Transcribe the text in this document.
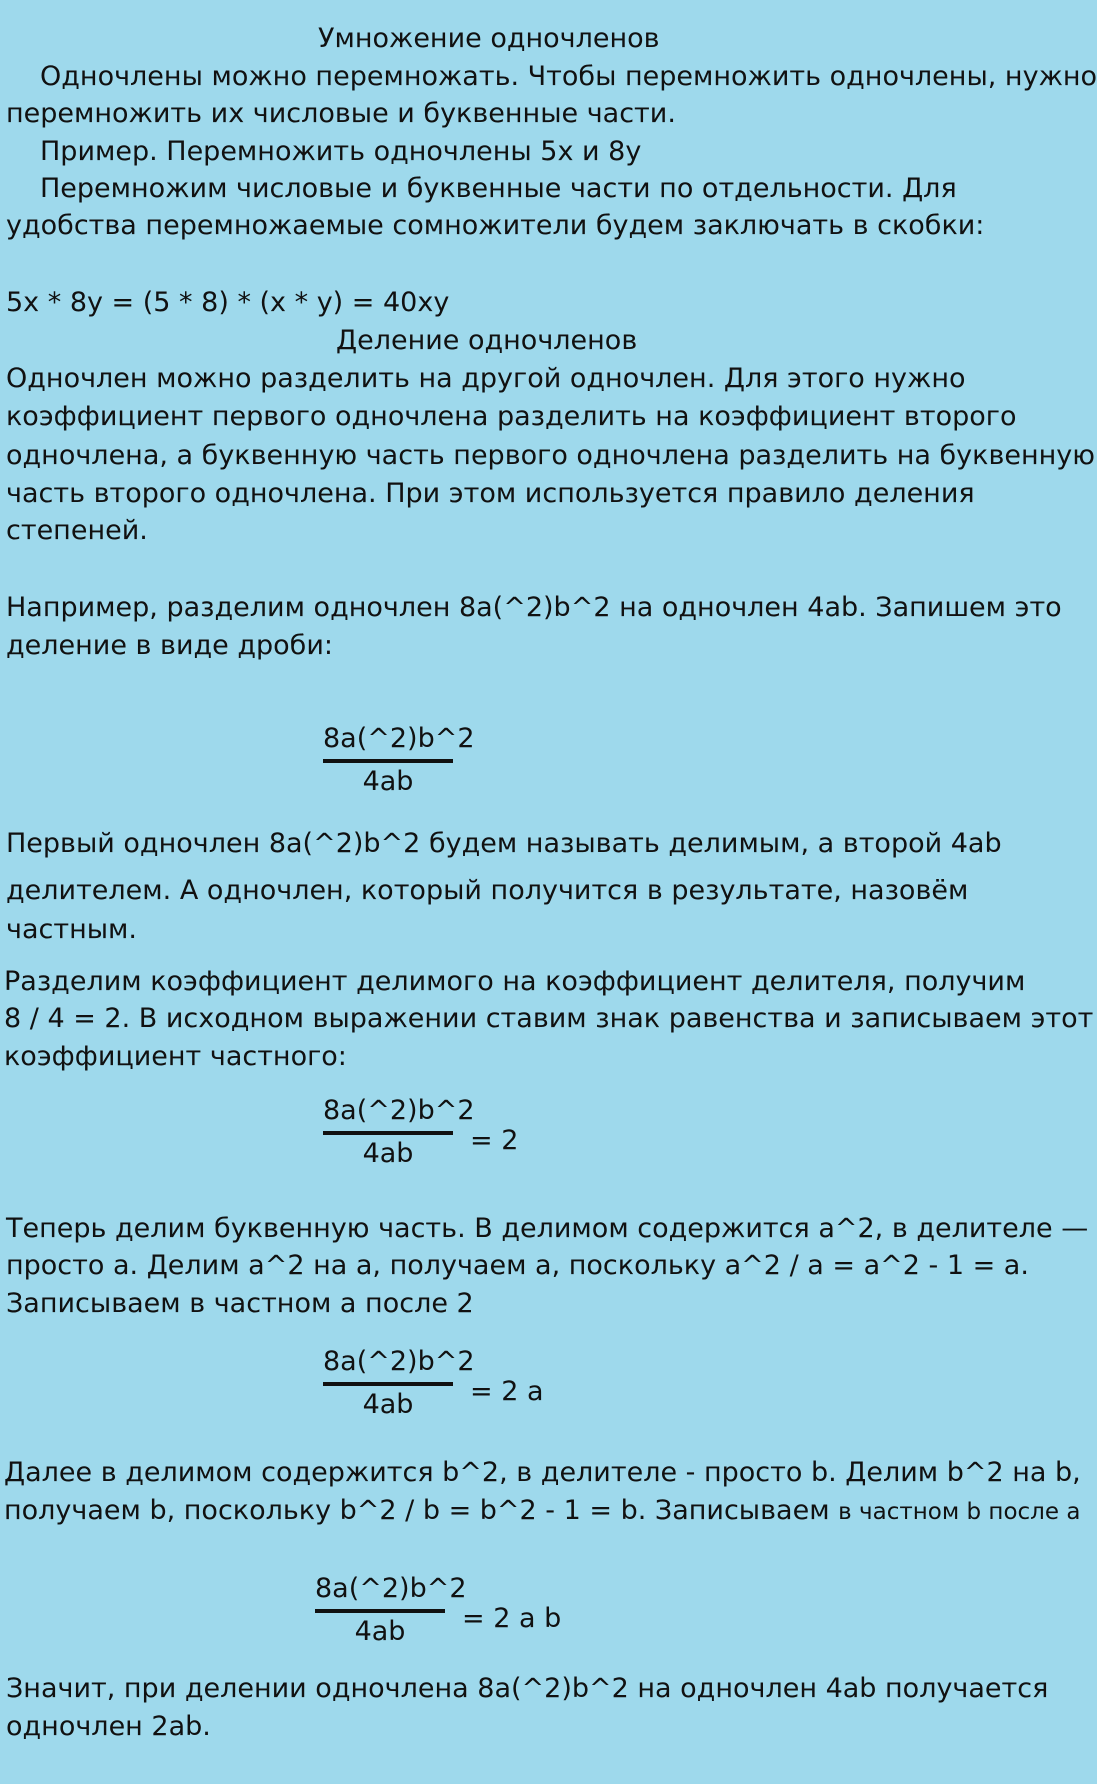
Умножение одночленов

Одночлены можно перемножать. Чтобы перемножить одночлены, нужно

перемножить их числовые и буквенные части.

Пример. Перемножить одночлены 5x и 8y

Перемножим числовые и буквенные части по отдельности. Для

удобства перемножаемые сомножители будем заключать в скобки:

5x * 8y = (5 * 8) * (x * y) = 40xy

Деление одночленов

Одночлен можно разделить на другой одночлен. Для этого нужно

коэффициент первого одночлена разделить на коэффициент второго

одночлена, а буквенную часть первого одночлена разделить на буквенную

часть второго одночлена. При этом используется правило деления

степеней.

Например, разделим одночлен 8a(^2)b^2 на одночлен 4ab. Запишем это

деление в виде дроби:

8a(^2)b^2
4ab

Первый одночлен 8a(^2)b^2 будем называть делимым, а второй 4ab

делителем. А одночлен, который получится в результате, назовём

частным.

Разделим коэффициент делимого на коэффициент делителя, получим

8 / 4 = 2. В исходном выражении ставим знак равенства и записываем этот

коэффициент частного:

8a(^2)b^2
4ab	= 2

Теперь делим буквенную часть. В делимом содержится a^2, в делителе —

просто a. Делим a^2 на a, получаем a, поскольку a^2 / a = a^2 - 1 = a.

Записываем в частном a после 2

8a(^2)b^2
4ab	= 2 a

Далее в делимом содержится b^2, в делителе - просто b. Делим b^2 на b,

получаем b, поскольку b^2 / b = b^2 - 1 = b. Записываем в частном b после a

8a(^2)b^2
4ab	= 2 a b

Значит, при делении одночлена 8a(^2)b^2 на одночлен 4ab получается

одночлен 2ab.
